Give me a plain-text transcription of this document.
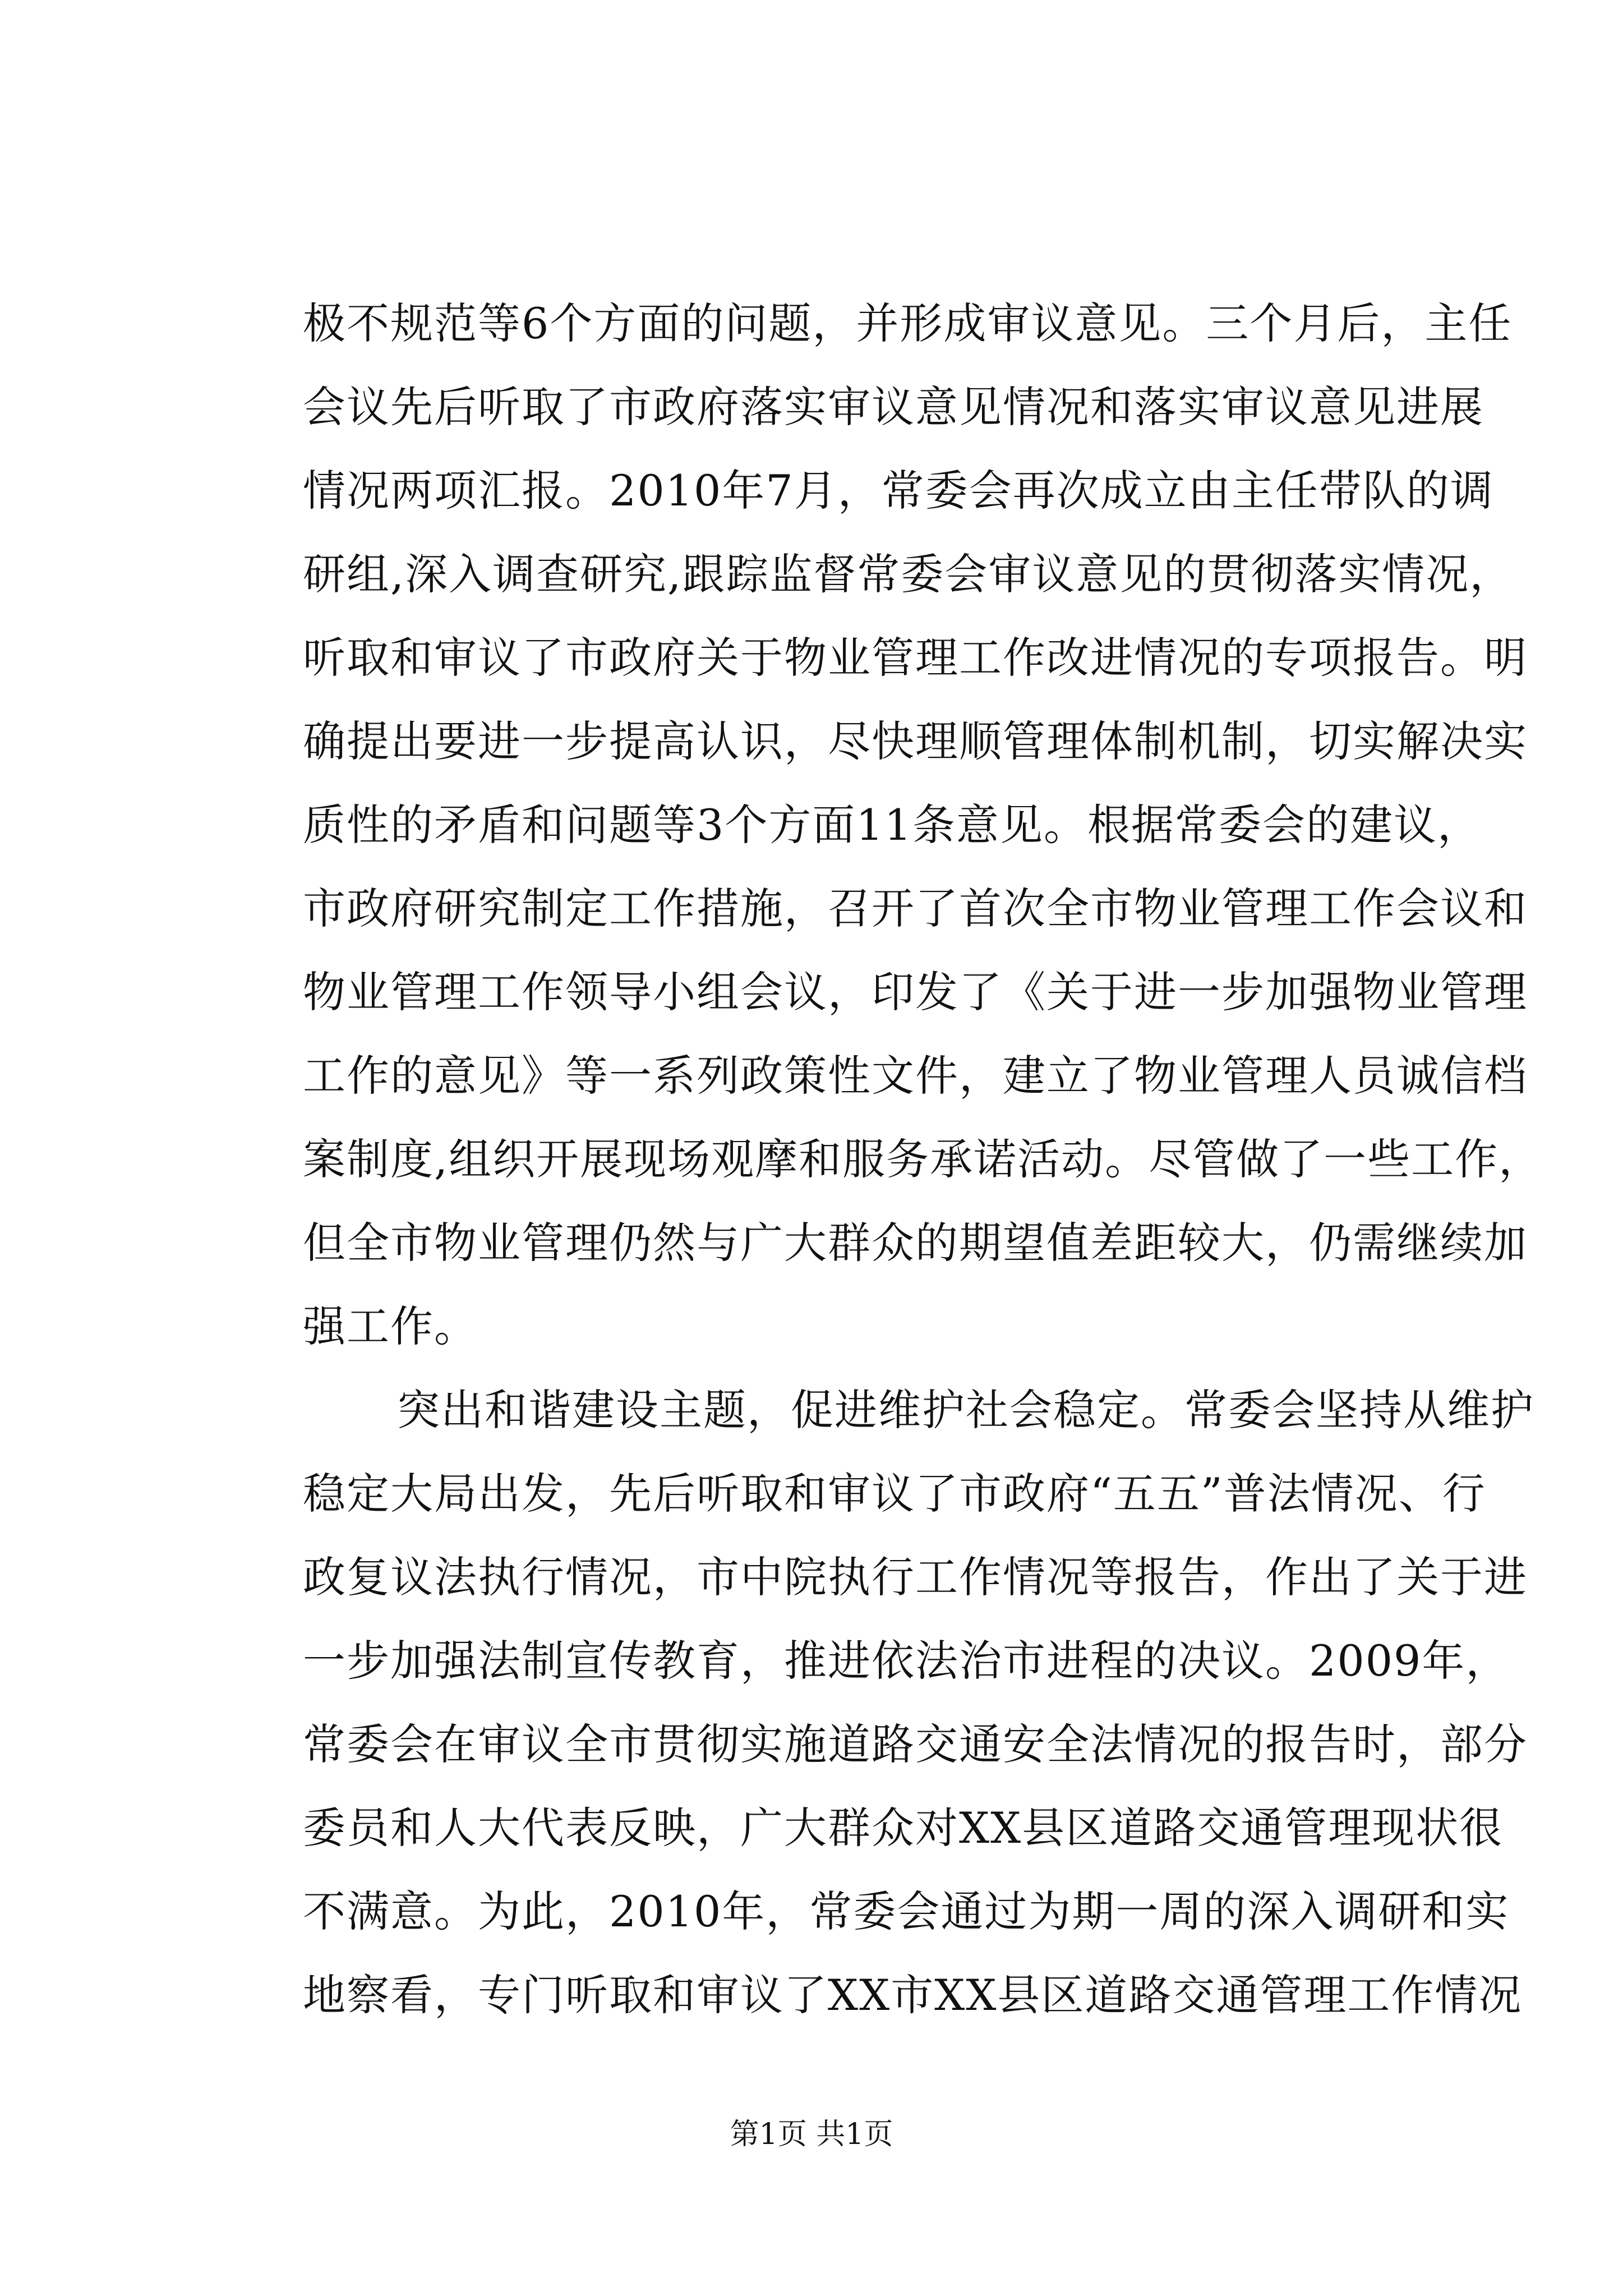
极不规范等6个方面的问题，并形成审议意见。三个月后，主任
会议先后听取了市政府落实审议意见情况和落实审议意见进展
情况两项汇报。2010年7月，常委会再次成立由主任带队的调
研组,深入调查研究,跟踪监督常委会审议意见的贯彻落实情况，
听取和审议了市政府关于物业管理工作改进情况的专项报告。明
确提出要进一步提高认识，尽快理顺管理体制机制，切实解决实
质性的矛盾和问题等3个方面11条意见。根据常委会的建议，
市政府研究制定工作措施，召开了首次全市物业管理工作会议和
物业管理工作领导小组会议，印发了《关于进一步加强物业管理
工作的意见》等一系列政策性文件，建立了物业管理人员诚信档
案制度,组织开展现场观摩和服务承诺活动。尽管做了一些工作，
但全市物业管理仍然与广大群众的期望值差距较大，仍需继续加
强工作。
突出和谐建设主题，促进维护社会稳定。常委会坚持从维护
稳定大局出发，先后听取和审议了市政府“五五”普法情况、行
政复议法执行情况，市中院执行工作情况等报告，作出了关于进
一步加强法制宣传教育，推进依法治市进程的决议。2009年，
常委会在审议全市贯彻实施道路交通安全法情况的报告时，部分
委员和人大代表反映，广大群众对XX县区道路交通管理现状很
不满意。为此，2010年，常委会通过为期一周的深入调研和实
地察看，专门听取和审议了XX市XX县区道路交通管理工作情况
第1页 共1页
